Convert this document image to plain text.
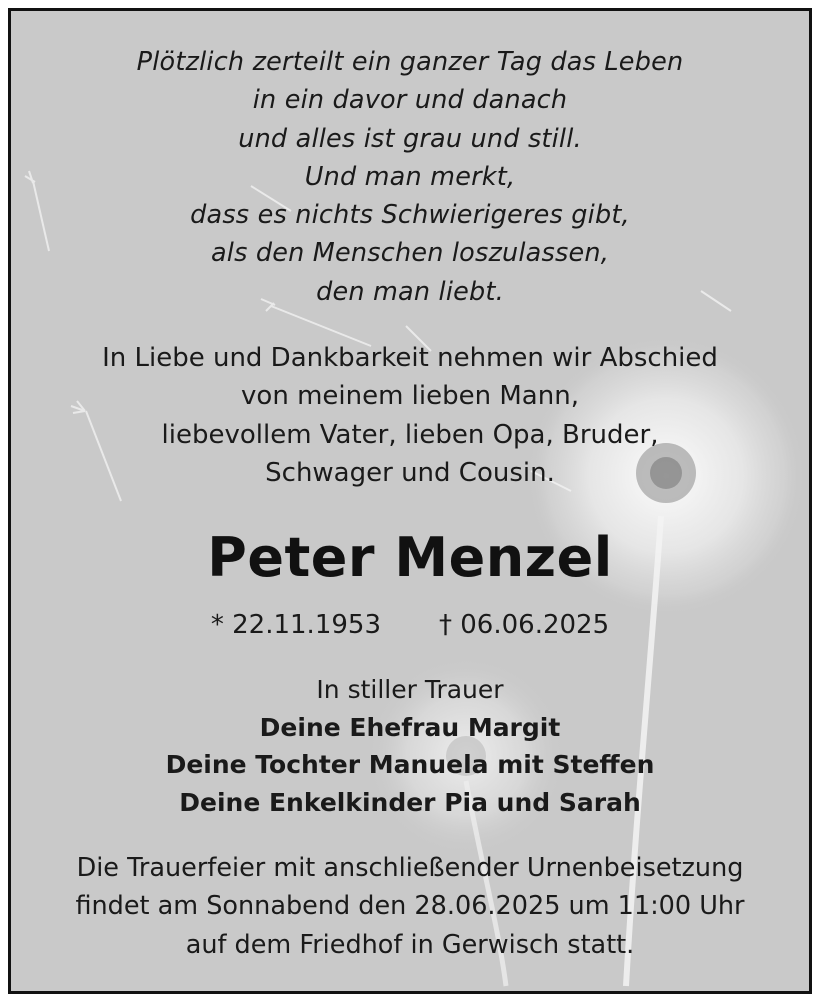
Plötzlich zerteilt ein ganzer Tag das Leben
in ein davor und danach
und alles ist grau und still.
Und man merkt,
dass es nichts Schwierigeres gibt,
als den Menschen loszulassen,
den man liebt.
In Liebe und Dankbarkeit nehmen wir Abschied
von meinem lieben Mann,
liebevollem Vater, lieben Opa, Bruder,
Schwager und Cousin.
Peter Menzel
* 22.11.1953 † 06.06.2025
In stiller Trauer
Deine Ehefrau Margit
Deine Tochter Manuela mit Steffen
Deine Enkelkinder Pia und Sarah
Die Trauerfeier mit anschließender Urnenbeisetzung
findet am Sonnabend den 28.06.2025 um 11:00 Uhr
auf dem Friedhof in Gerwisch statt.
